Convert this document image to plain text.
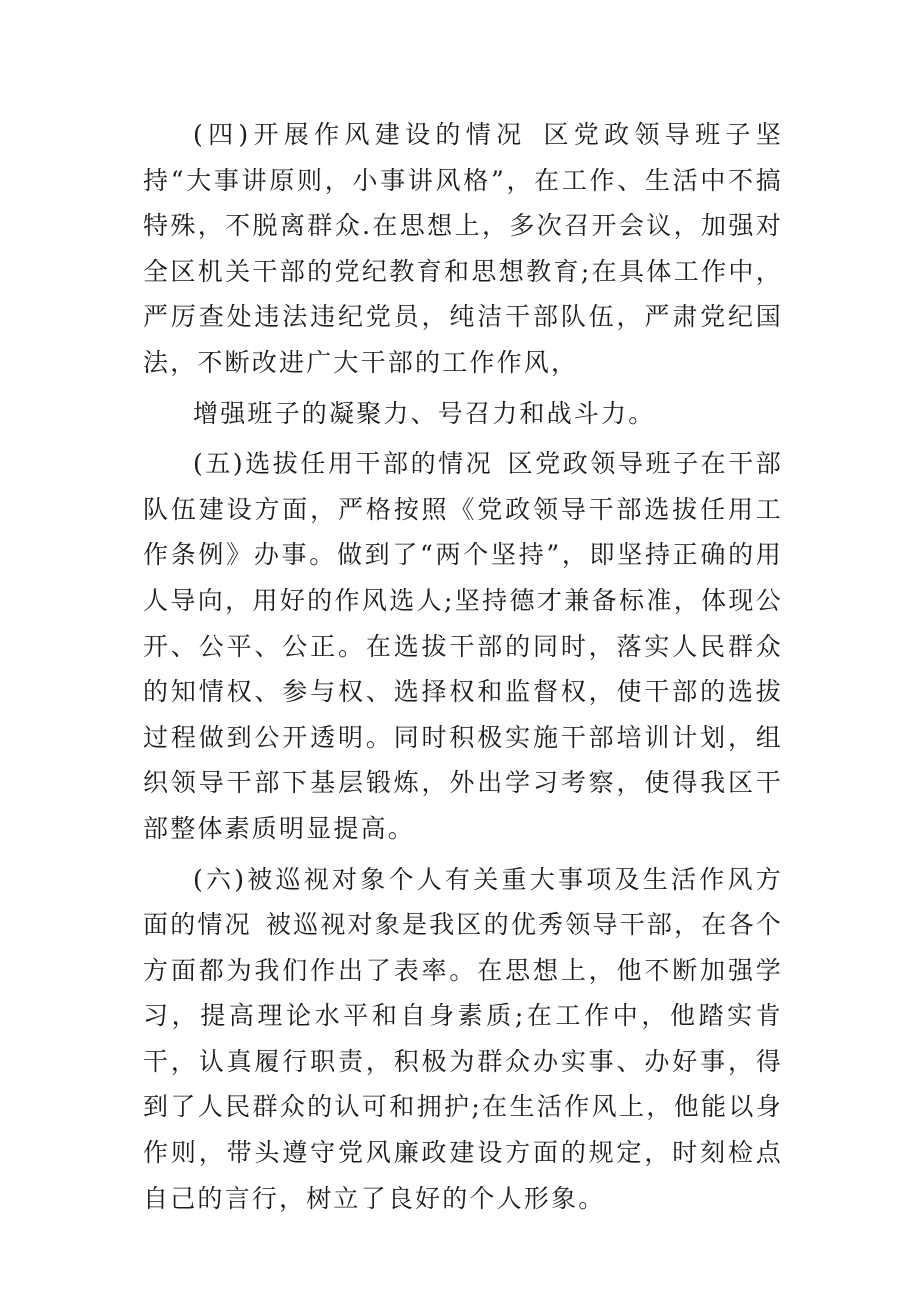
(四)开展作风建设的情况 区党政领导班子坚持“大事讲原则，小事讲风格”，在工作、生活中不搞特殊，不脱离群众.在思想上，多次召开会议，加强对全区机关干部的党纪教育和思想教育;在具体工作中，严厉查处违法违纪党员，纯洁干部队伍，严肃党纪国法，不断改进广大干部的工作作风，

增强班子的凝聚力、号召力和战斗力。

(五)选拔任用干部的情况 区党政领导班子在干部队伍建设方面，严格按照《党政领导干部选拔任用工作条例》办事。做到了“两个坚持”，即坚持正确的用人导向，用好的作风选人;坚持德才兼备标准，体现公开、公平、公正。在选拔干部的同时，落实人民群众的知情权、参与权、选择权和监督权，使干部的选拔过程做到公开透明。同时积极实施干部培训计划，组织领导干部下基层锻炼，外出学习考察，使得我区干部整体素质明显提高。

(六)被巡视对象个人有关重大事项及生活作风方面的情况 被巡视对象是我区的优秀领导干部，在各个方面都为我们作出了表率。在思想上，他不断加强学习，提高理论水平和自身素质;在工作中，他踏实肯干，认真履行职责，积极为群众办实事、办好事，得到了人民群众的认可和拥护;在生活作风上，他能以身作则，带头遵守党风廉政建设方面的规定，时刻检点自己的言行，树立了良好的个人形象。
